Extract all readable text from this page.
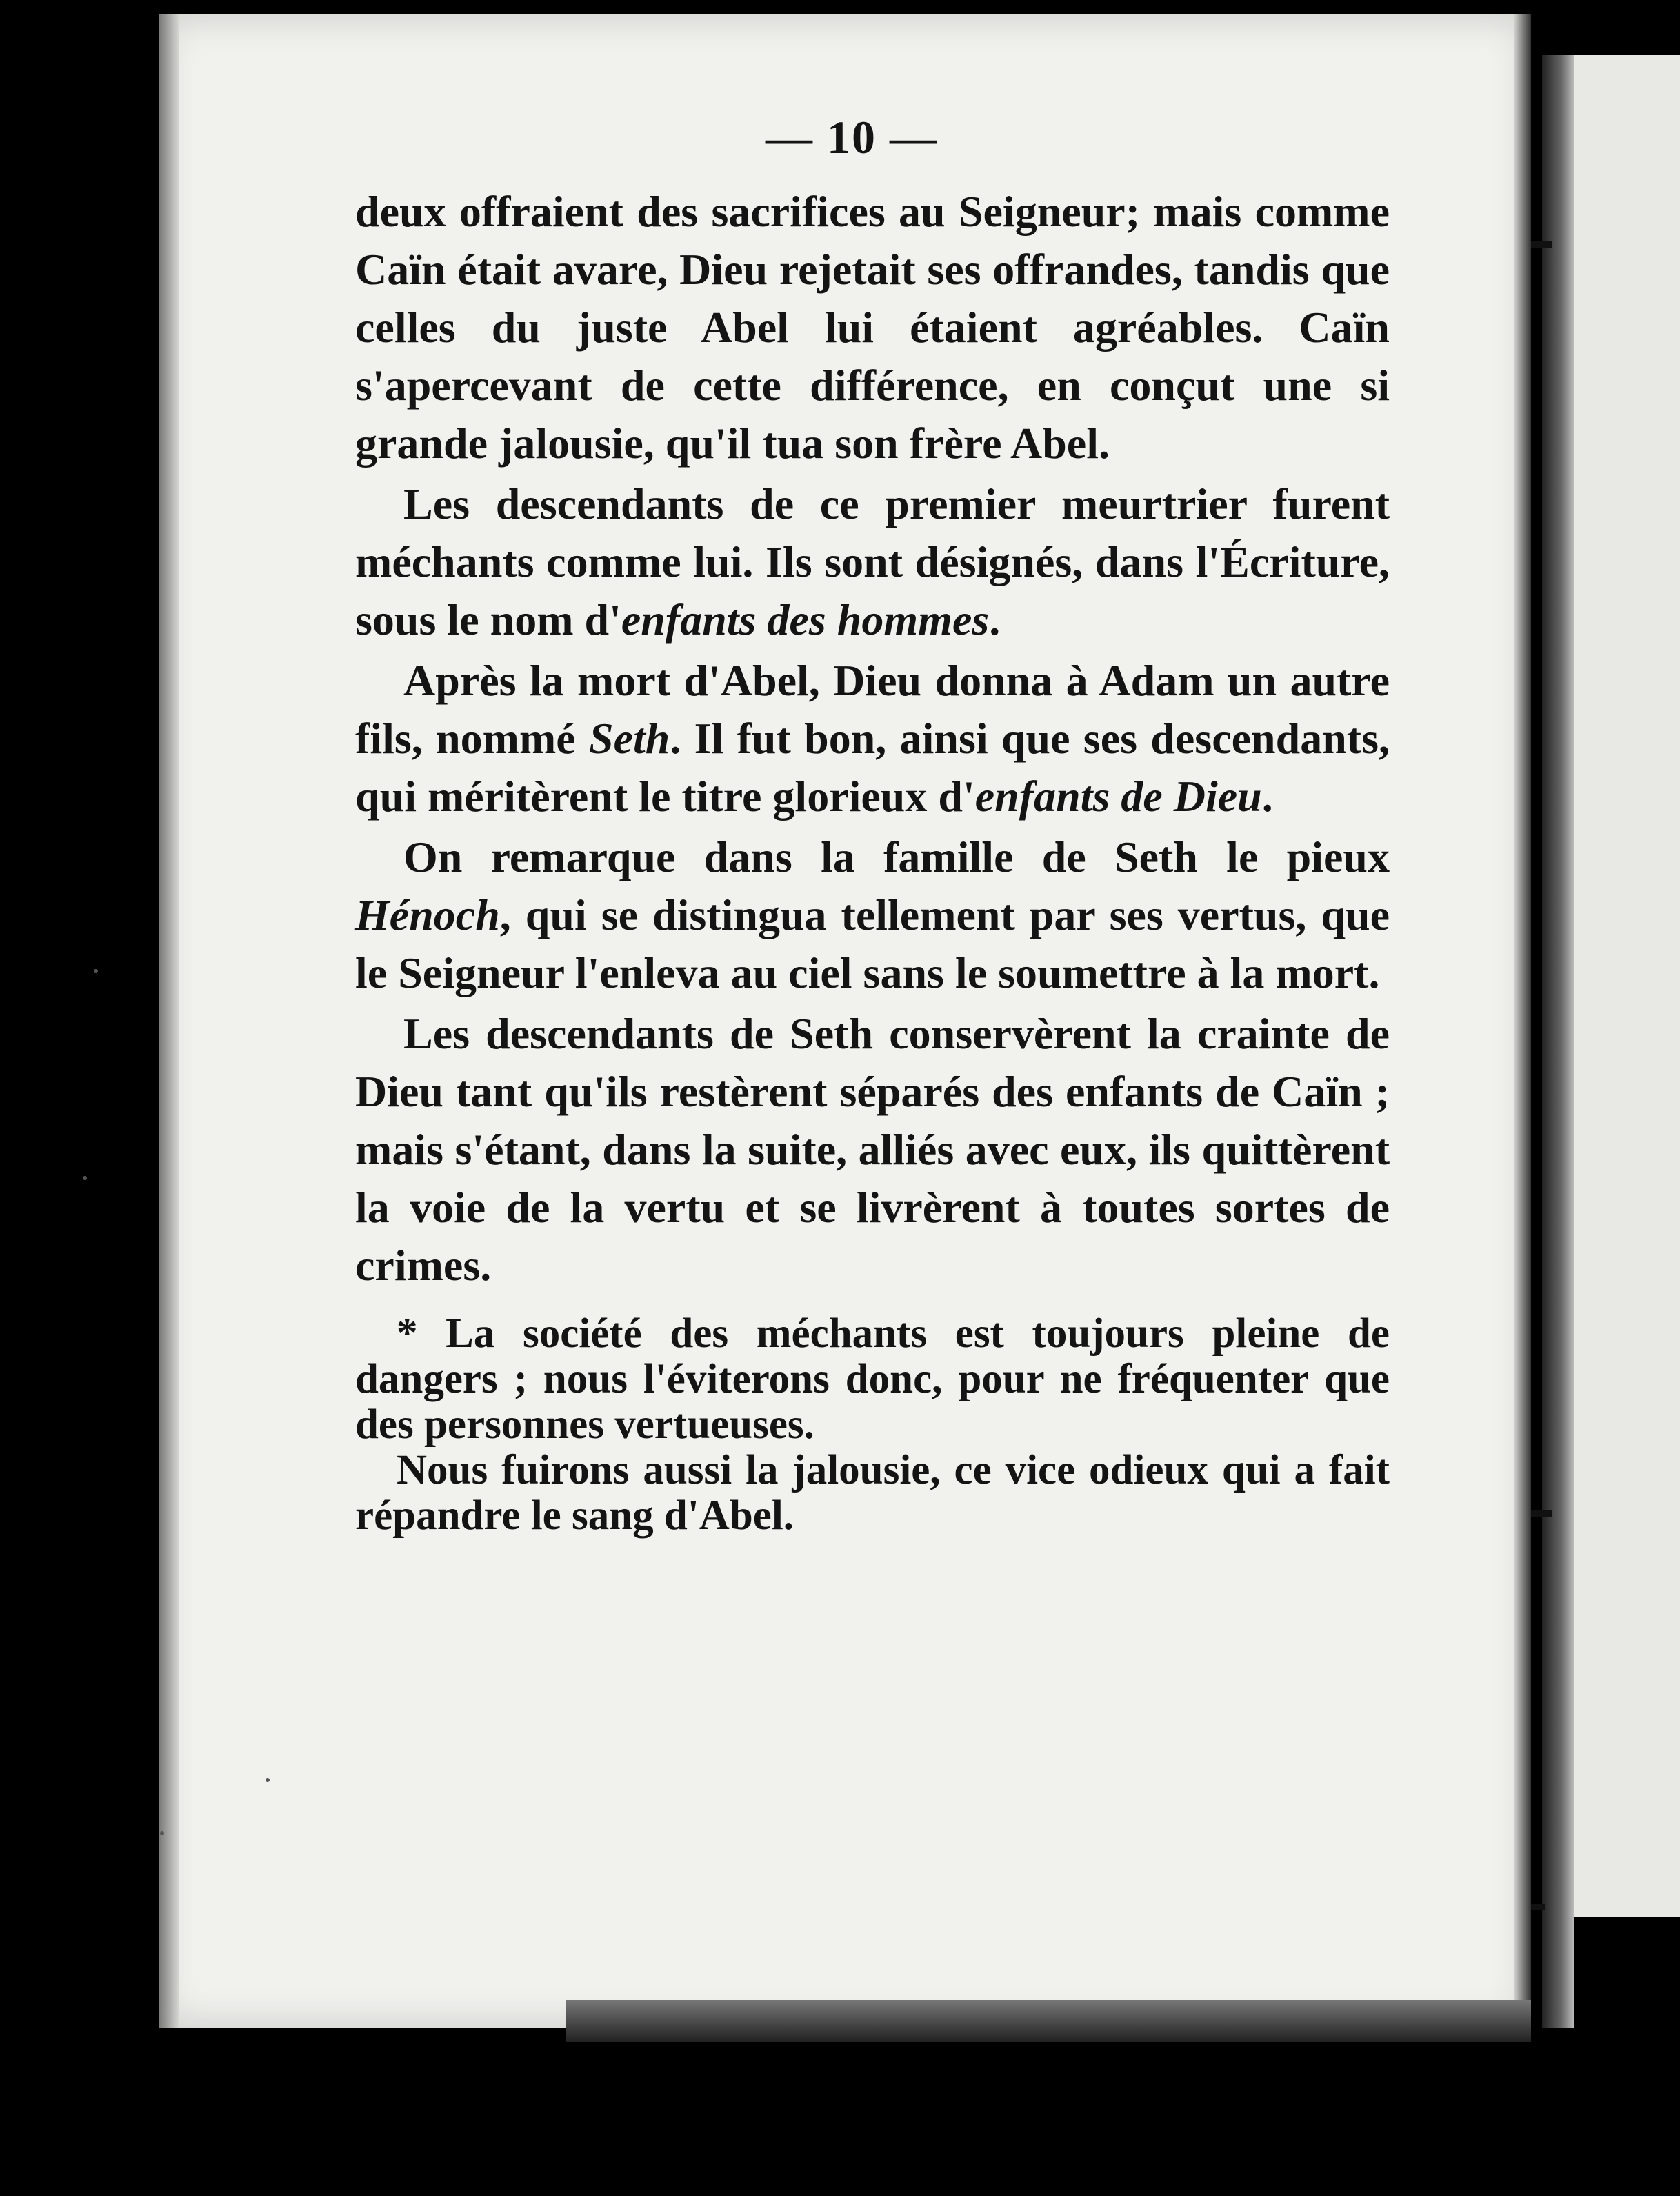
— 10 —

deux offraient des sacrifices au Seigneur; mais comme Caïn était avare, Dieu rejetait ses offrandes, tandis que celles du juste Abel lui étaient agréables. Caïn s'apercevant de cette différence, en conçut une si grande jalousie, qu'il tua son frère Abel.

Les descendants de ce premier meurtrier furent méchants comme lui. Ils sont désignés, dans l'Écriture, sous le nom d'enfants des hommes.

Après la mort d'Abel, Dieu donna à Adam un autre fils, nommé Seth. Il fut bon, ainsi que ses descendants, qui méritèrent le titre glorieux d'enfants de Dieu.

On remarque dans la famille de Seth le pieux Hénoch, qui se distingua tellement par ses vertus, que le Seigneur l'enleva au ciel sans le soumettre à la mort.

Les descendants de Seth conservèrent la crainte de Dieu tant qu'ils restèrent séparés des enfants de Caïn ; mais s'étant, dans la suite, alliés avec eux, ils quittèrent la voie de la vertu et se livrèrent à toutes sortes de crimes.

* La société des méchants est toujours pleine de dangers ; nous l'éviterons donc, pour ne fréquenter que des personnes vertueuses.

Nous fuirons aussi la jalousie, ce vice odieux qui a fait répandre le sang d'Abel.
